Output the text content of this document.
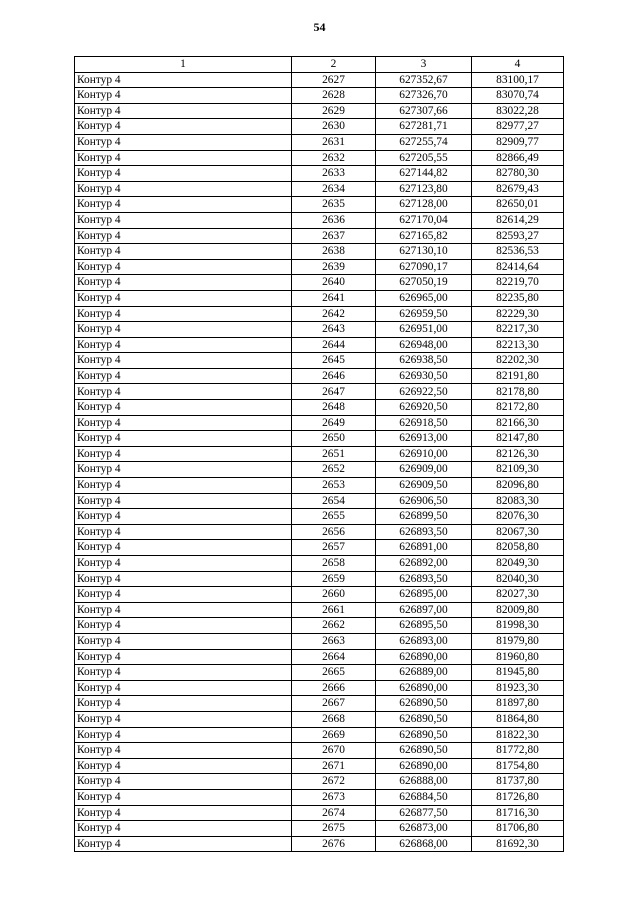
54
1	2	3	4
Контур 4	2627	627352,67	83100,17
Контур 4	2628	627326,70	83070,74
Контур 4	2629	627307,66	83022,28
Контур 4	2630	627281,71	82977,27
Контур 4	2631	627255,74	82909,77
Контур 4	2632	627205,55	82866,49
Контур 4	2633	627144,82	82780,30
Контур 4	2634	627123,80	82679,43
Контур 4	2635	627128,00	82650,01
Контур 4	2636	627170,04	82614,29
Контур 4	2637	627165,82	82593,27
Контур 4	2638	627130,10	82536,53
Контур 4	2639	627090,17	82414,64
Контур 4	2640	627050,19	82219,70
Контур 4	2641	626965,00	82235,80
Контур 4	2642	626959,50	82229,30
Контур 4	2643	626951,00	82217,30
Контур 4	2644	626948,00	82213,30
Контур 4	2645	626938,50	82202,30
Контур 4	2646	626930,50	82191,80
Контур 4	2647	626922,50	82178,80
Контур 4	2648	626920,50	82172,80
Контур 4	2649	626918,50	82166,30
Контур 4	2650	626913,00	82147,80
Контур 4	2651	626910,00	82126,30
Контур 4	2652	626909,00	82109,30
Контур 4	2653	626909,50	82096,80
Контур 4	2654	626906,50	82083,30
Контур 4	2655	626899,50	82076,30
Контур 4	2656	626893,50	82067,30
Контур 4	2657	626891,00	82058,80
Контур 4	2658	626892,00	82049,30
Контур 4	2659	626893,50	82040,30
Контур 4	2660	626895,00	82027,30
Контур 4	2661	626897,00	82009,80
Контур 4	2662	626895,50	81998,30
Контур 4	2663	626893,00	81979,80
Контур 4	2664	626890,00	81960,80
Контур 4	2665	626889,00	81945,80
Контур 4	2666	626890,00	81923,30
Контур 4	2667	626890,50	81897,80
Контур 4	2668	626890,50	81864,80
Контур 4	2669	626890,50	81822,30
Контур 4	2670	626890,50	81772,80
Контур 4	2671	626890,00	81754,80
Контур 4	2672	626888,00	81737,80
Контур 4	2673	626884,50	81726,80
Контур 4	2674	626877,50	81716,30
Контур 4	2675	626873,00	81706,80
Контур 4	2676	626868,00	81692,30
